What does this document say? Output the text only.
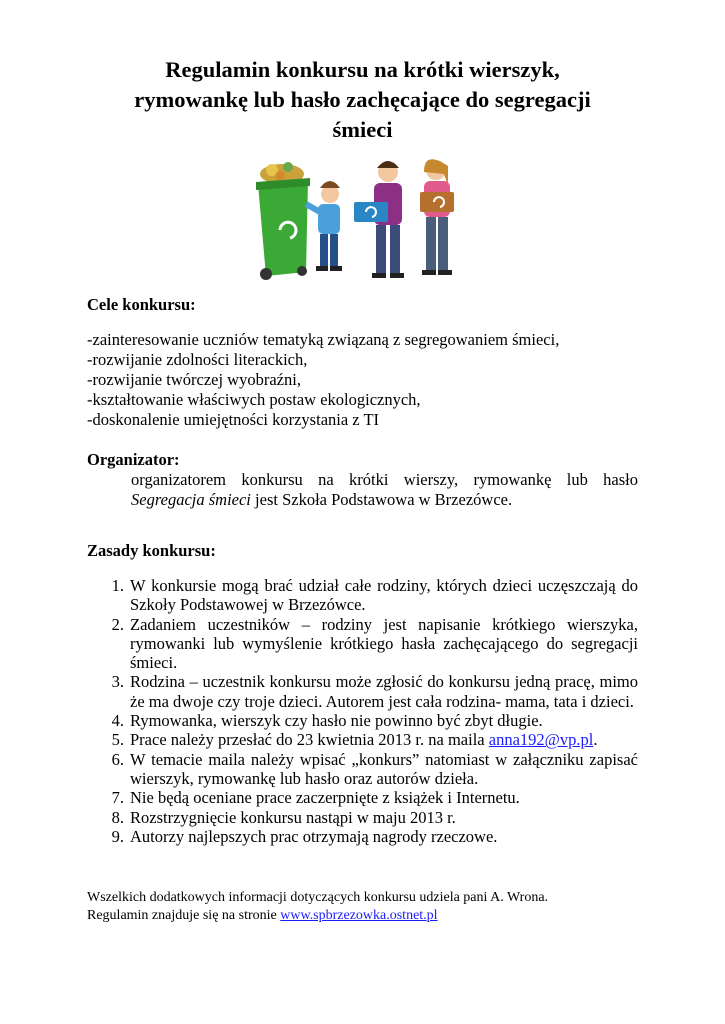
Regulamin konkursu na krótki wierszyk,
rymowankę lub hasło zachęcające do segregacji
śmieci
Cele konkursu:
-zainteresowanie uczniów tematyką związaną z segregowaniem śmieci,
-rozwijanie zdolności literackich,
-rozwijanie twórczej wyobraźni,
-kształtowanie właściwych postaw ekologicznych,
-doskonalenie umiejętności korzystania z TI
Organizator:

organizatorem konkursu na krótki wierszy, rymowankę lub hasło
Segregacja śmieci jest Szkoła Podstawowa w Brzezówce.

Zasady konkursu:
1. W konkursie mogą brać udział całe rodziny, których dzieci uczęszczają do Szkoły Podstawowej w Brzezówce.
2. Zadaniem uczestników – rodziny jest napisanie krótkiego wierszyka, rymowanki lub wymyślenie krótkiego hasła zachęcającego do segregacji śmieci.
3. Rodzina – uczestnik konkursu może zgłosić do konkursu jedną pracę, mimo że ma dwoje czy troje dzieci. Autorem jest cała rodzina- mama, tata i dzieci.
4. Rymowanka, wierszyk czy hasło nie powinno być zbyt długie.
5. Prace należy przesłać do 23 kwietnia 2013 r. na maila anna192@vp.pl.
6. W temacie maila należy wpisać „konkurs” natomiast w załączniku zapisać wierszyk, rymowankę lub hasło oraz autorów dzieła.
7. Nie będą oceniane prace zaczerpnięte z książek i Internetu.
8. Rozstrzygnięcie konkursu nastąpi w maju 2013 r.
9. Autorzy najlepszych prac otrzymają nagrody rzeczowe.

Wszelkich dodatkowych informacji dotyczących konkursu udziela pani A. Wrona.

Regulamin znajduje się na stronie www.spbrzezowka.ostnet.pl
